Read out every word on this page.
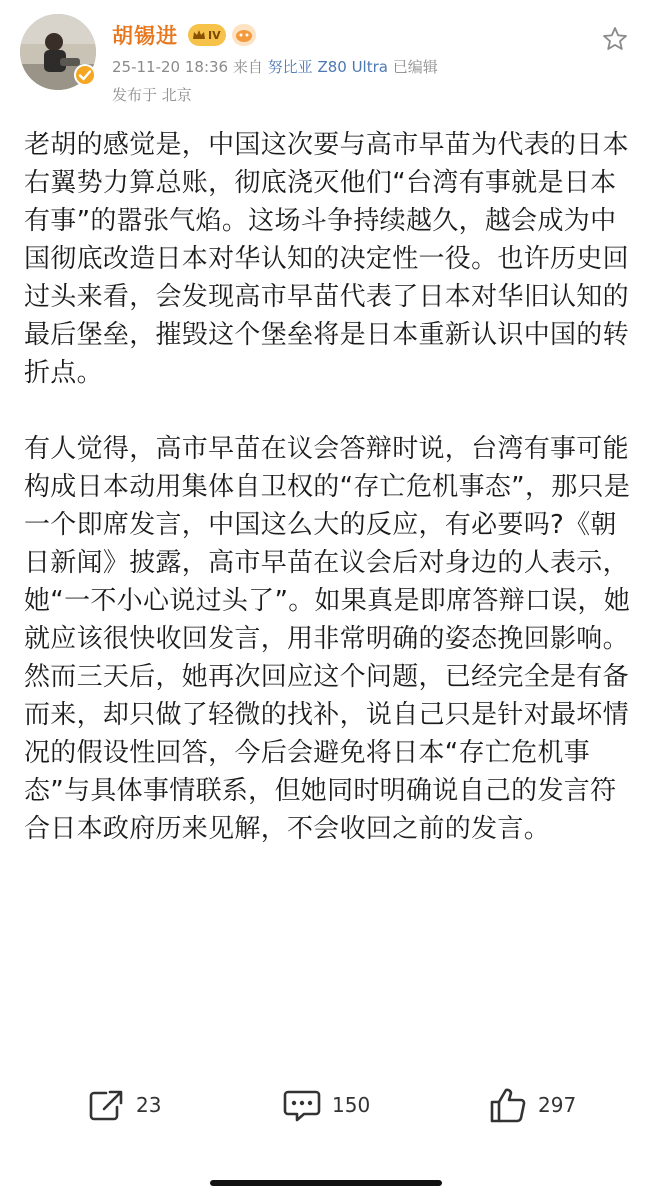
胡锡进	IV
25-11-20 18:36 来自 努比亚 Z80 Ultra 已编辑
发布于 北京

老胡的感觉是，中国这次要与高市早苗为代表的日本右翼势力算总账，彻底浇灭他们“台湾有事就是日本有事”的嚣张气焰。这场斗争持续越久，越会成为中国彻底改造日本对华认知的决定性一役。也许历史回过头来看，会发现高市早苗代表了日本对华旧认知的最后堡垒，摧毁这个堡垒将是日本重新认识中国的转折点。

有人觉得，高市早苗在议会答辩时说，台湾有事可能构成日本动用集体自卫权的“存亡危机事态”，那只是一个即席发言，中国这么大的反应，有必要吗?《朝日新闻》披露，高市早苗在议会后对身边的人表示，她“一不小心说过头了”。如果真是即席答辩口误，她就应该很快收回发言，用非常明确的姿态挽回影响。然而三天后，她再次回应这个问题，已经完全是有备而来，却只做了轻微的找补，说自己只是针对最坏情况的假设性回答，今后会避免将日本“存亡危机事态”与具体事情联系，但她同时明确说自己的发言符合日本政府历来见解，不会收回之前的发言。

23	150	297
